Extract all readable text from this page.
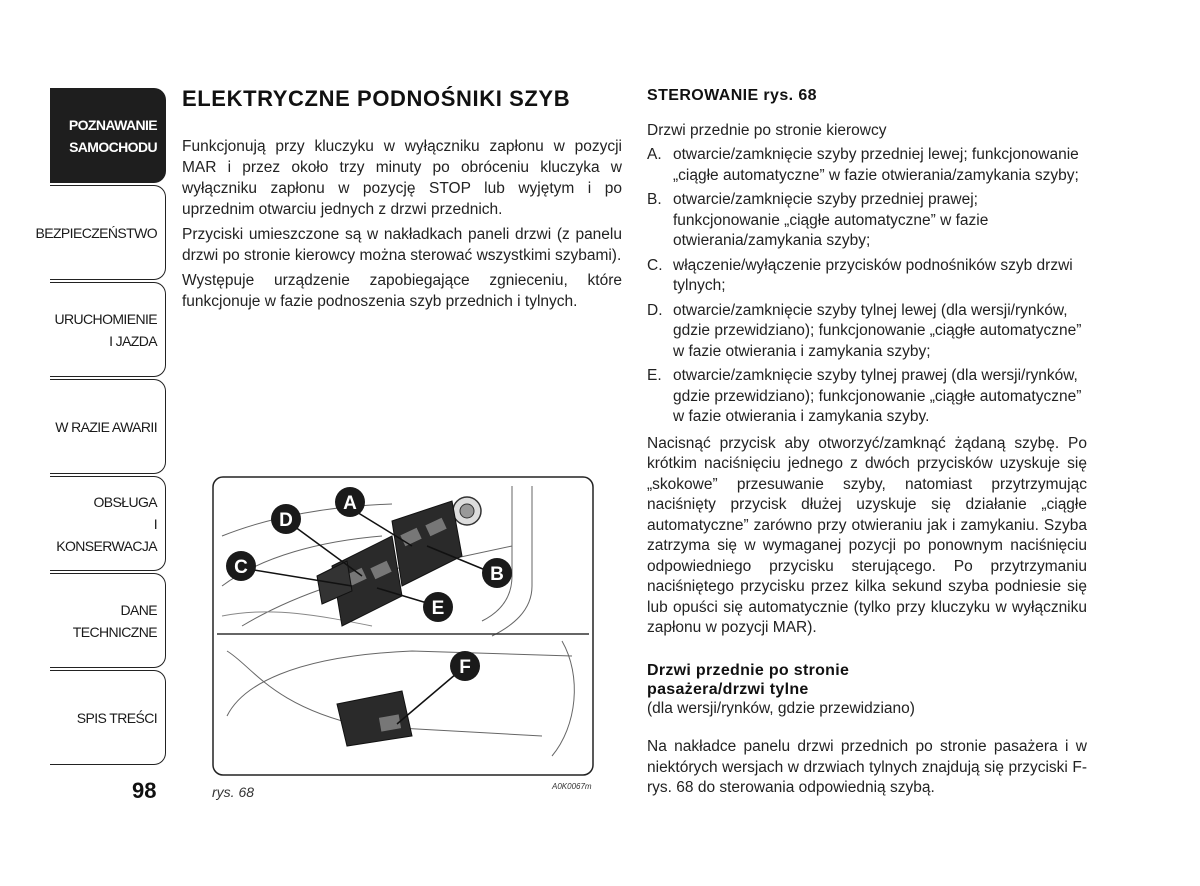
POZNAWANIE
SAMOCHODU
BEZPIECZEŃSTWO
URUCHOMIENIE
I JAZDA
W RAZIE AWARII
OBSŁUGA
I KONSERWACJA
DANE
TECHNICZNE
SPIS TREŚCI
98
ELEKTRYCZNE PODNOŚNIKI SZYB

Funkcjonują przy kluczyku w wyłączniku zapłonu w pozycji MAR i przez około trzy minuty po obróceniu kluczyka w wyłączniku zapłonu w pozycję STOP lub wyjętym i po uprzednim otwarciu jednych z drzwi przednich.

Przyciski umieszczone są w nakładkach paneli drzwi (z panelu drzwi po stronie kierowcy można sterować wszystkimi szybami).

Występuje urządzenie zapobiegające zgnieceniu, które funkcjonuje w fazie podnoszenia szyb przednich i tylnych.

A
B
C
D
E
F
rys. 68	A0K0067m
STEROWANIE rys. 68

Drzwi przednie po stronie kierowcy

A. otwarcie/zamknięcie szyby przedniej lewej; funkcjonowanie „ciągłe automatyczne” w fazie otwierania/zamykania szyby;
B. otwarcie/zamknięcie szyby przedniej prawej; funkcjonowanie „ciągłe automatyczne” w fazie otwierania/zamykania szyby;
C. włączenie/wyłączenie przycisków podnośników szyb drzwi tylnych;
D. otwarcie/zamknięcie szyby tylnej lewej (dla wersji/rynków, gdzie przewidziano); funkcjonowanie „ciągłe automatyczne” w fazie otwierania i zamykania szyby;
E. otwarcie/zamknięcie szyby tylnej prawej (dla wersji/rynków, gdzie przewidziano); funkcjonowanie „ciągłe automatyczne” w fazie otwierania i zamykania szyby.

Nacisnąć przycisk aby otworzyć/zamknąć żądaną szybę. Po krótkim naciśnięciu jednego z dwóch przycisków uzyskuje się „skokowe” przesuwanie szyby, natomiast przytrzymując naciśnięty przycisk dłużej uzyskuje się działanie „ciągłe automatyczne” zarówno przy otwieraniu jak i zamykaniu. Szyba zatrzyma się w wymaganej pozycji po ponownym naciśnięciu odpowiedniego przycisku sterującego. Po przytrzymaniu naciśniętego przycisku przez kilka sekund szyba podniesie się lub opuści się automatycznie (tylko przy kluczyku w wyłączniku zapłonu w pozycji MAR).

Drzwi przednie po stronie
pasażera/drzwi tylne

(dla wersji/rynków, gdzie przewidziano)

Na nakładce panelu drzwi przednich po stronie pasażera i w niektórych wersjach w drzwiach tylnych znajdują się przyciski F-rys. 68 do sterowania odpowiednią szybą.
